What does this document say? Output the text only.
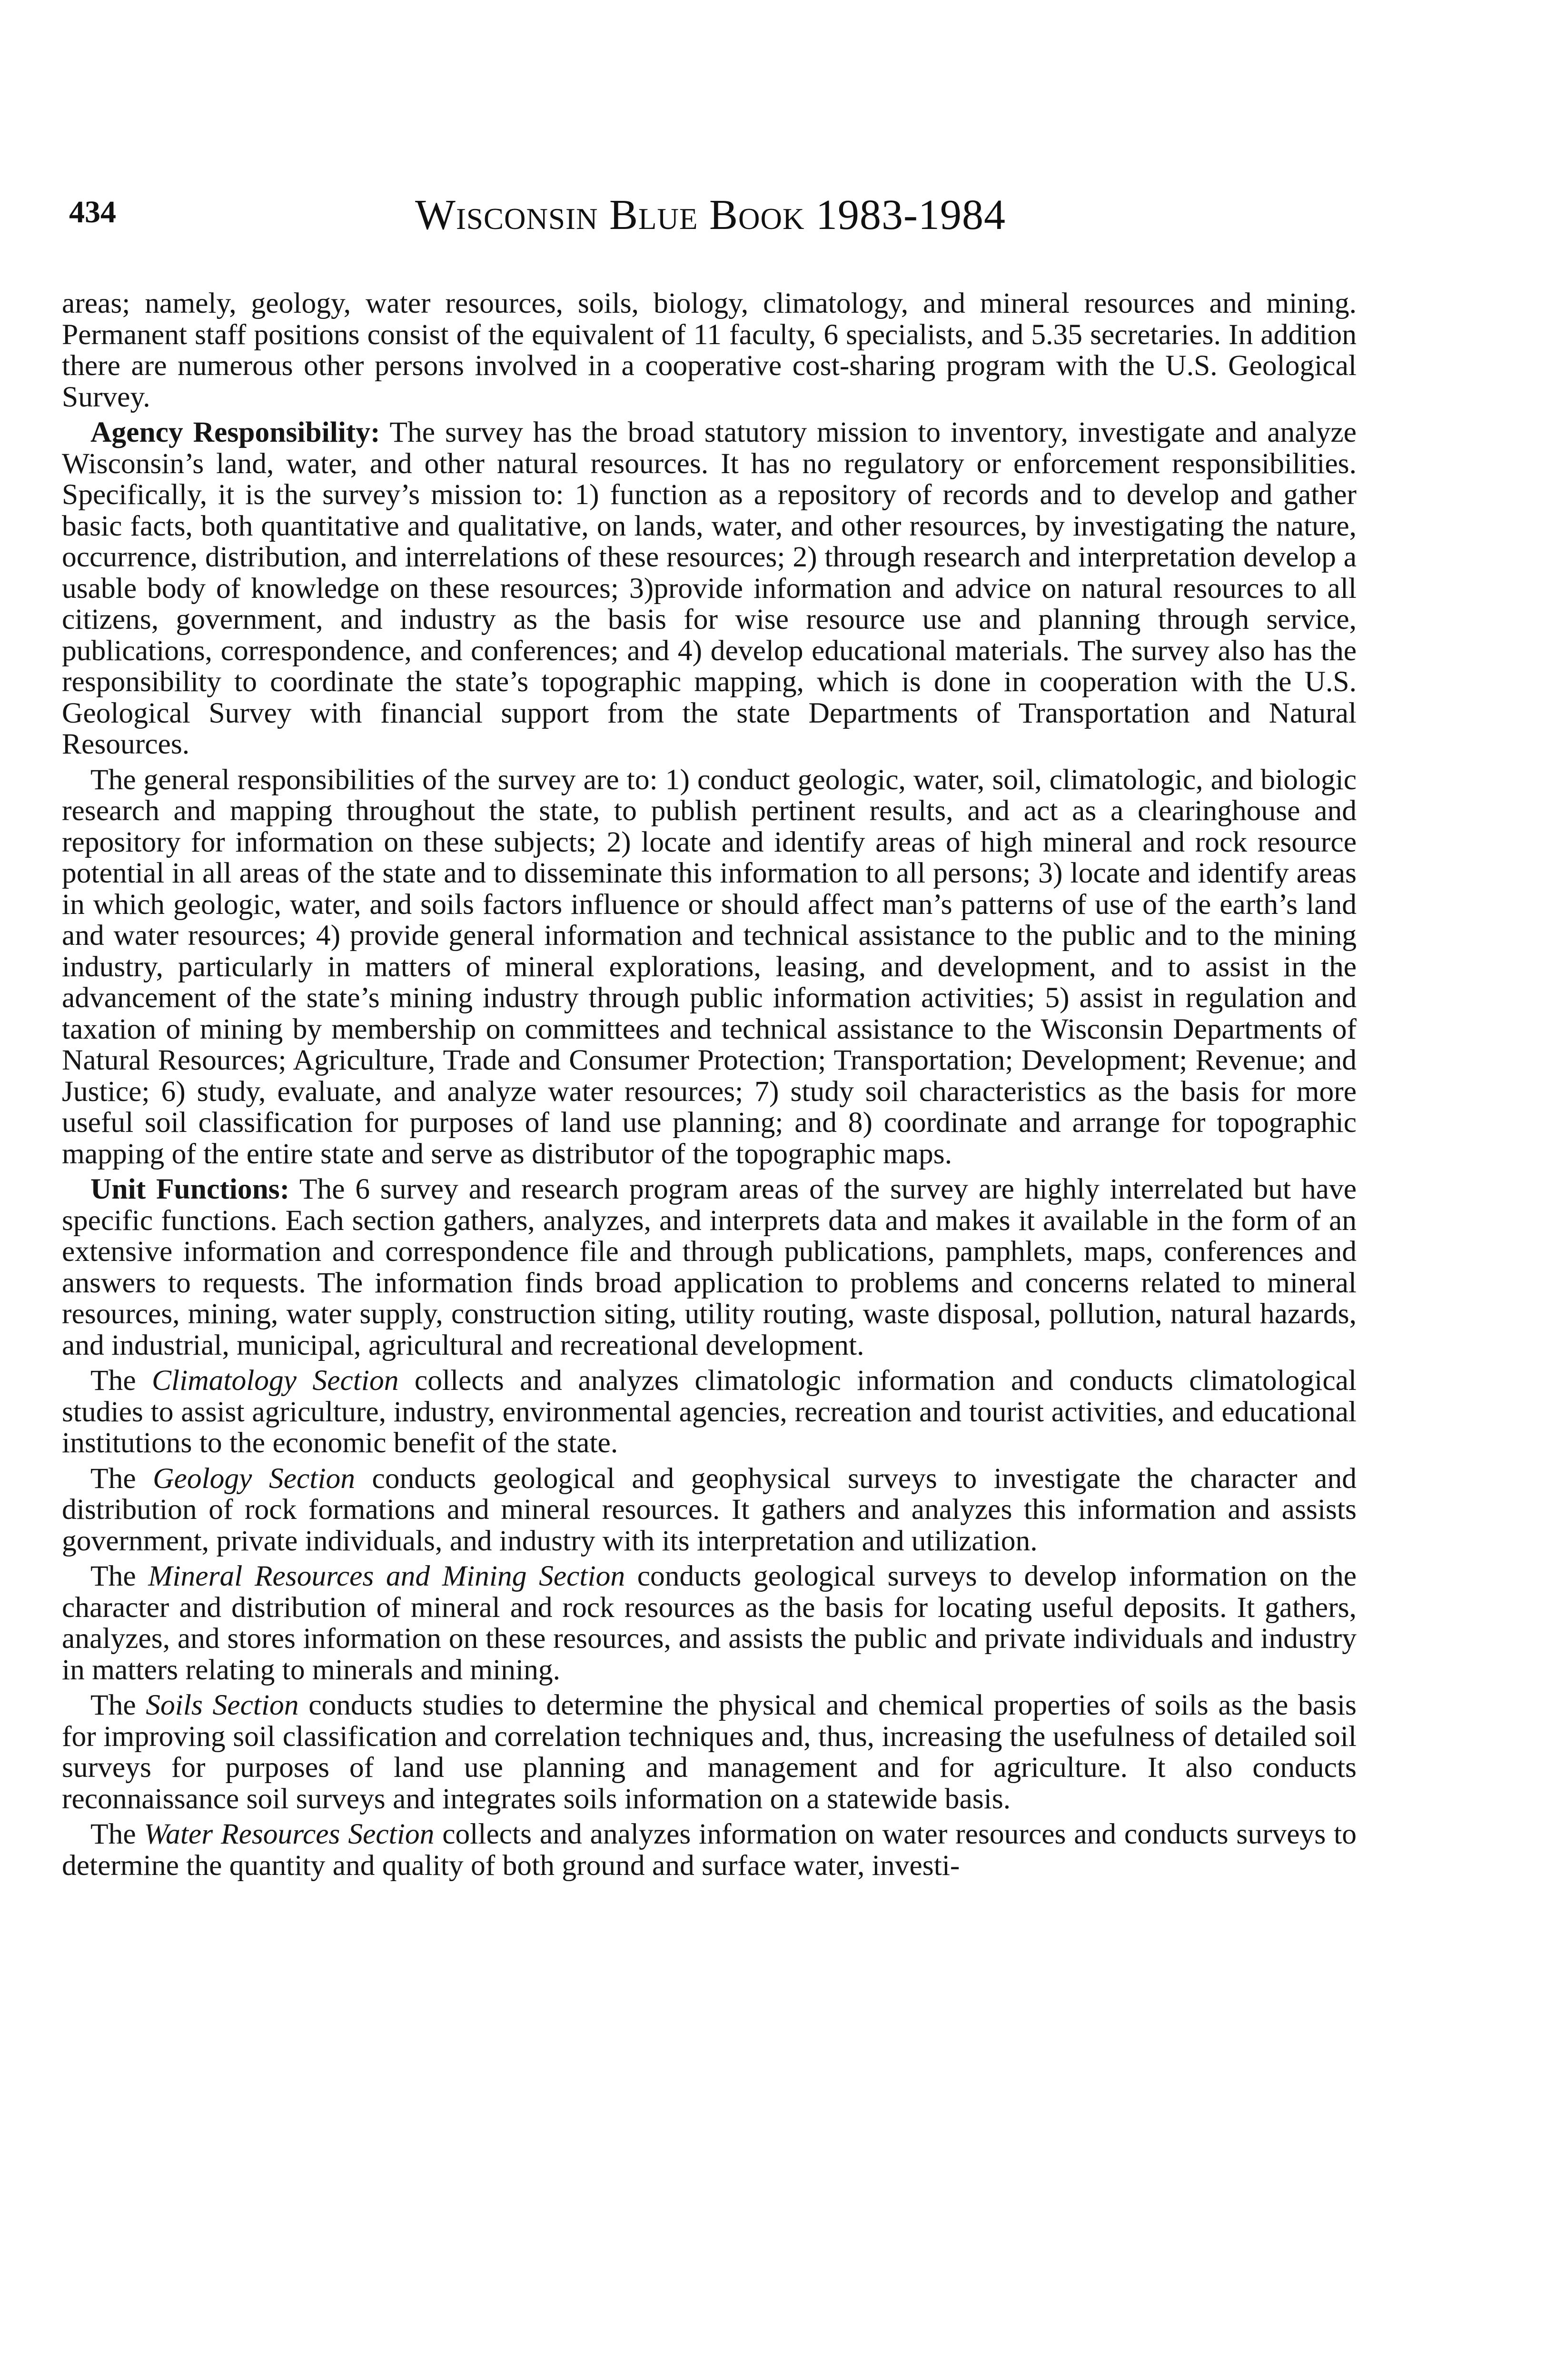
434	Wisconsin Blue Book 1983-1984

areas; namely, geology, water resources, soils, biology, climatology, and mineral resources and mining. Permanent staff positions consist of the equivalent of 11 faculty, 6 specialists, and 5.35 secretaries. In addition there are numerous other persons involved in a cooperative cost-sharing program with the U.S. Geological Survey.

Agency Responsibility: The survey has the broad statutory mission to inventory, investigate and analyze Wisconsin’s land, water, and other natural resources. It has no regulatory or enforcement responsibilities. Specifically, it is the survey’s mission to: 1) function as a repository of records and to develop and gather basic facts, both quantitative and qualitative, on lands, water, and other resources, by investigating the nature, occurrence, distribution, and interrelations of these resources; 2) through research and interpretation develop a usable body of knowledge on these resources; 3)provide information and advice on natural resources to all citizens, government, and industry as the basis for wise resource use and planning through service, publications, correspondence, and conferences; and 4) develop educational materials. The survey also has the responsibility to coordinate the state’s topographic mapping, which is done in cooperation with the U.S. Geological Survey with financial support from the state Departments of Transportation and Natural Resources.

The general responsibilities of the survey are to: 1) conduct geologic, water, soil, climatologic, and biologic research and mapping throughout the state, to publish pertinent results, and act as a clearinghouse and repository for information on these subjects; 2) locate and identify areas of high mineral and rock resource potential in all areas of the state and to disseminate this information to all persons; 3) locate and identify areas in which geologic, water, and soils factors influence or should affect man’s patterns of use of the earth’s land and water resources; 4) provide general information and technical assistance to the public and to the mining industry, particularly in matters of mineral explorations, leasing, and development, and to assist in the advancement of the state’s mining industry through public information activities; 5) assist in regulation and taxation of mining by membership on committees and technical assistance to the Wisconsin Departments of Natural Resources; Agriculture, Trade and Consumer Protection; Transportation; Development; Revenue; and Justice; 6) study, evaluate, and analyze water resources; 7) study soil characteristics as the basis for more useful soil classification for purposes of land use planning; and 8) coordinate and arrange for topographic mapping of the entire state and serve as distributor of the topographic maps.

Unit Functions: The 6 survey and research program areas of the survey are highly interrelated but have specific functions. Each section gathers, analyzes, and interprets data and makes it available in the form of an extensive information and correspondence file and through publications, pamphlets, maps, conferences and answers to requests. The information finds broad application to problems and concerns related to mineral resources, mining, water supply, construction siting, utility routing, waste disposal, pollution, natural hazards, and industrial, municipal, agricultural and recreational development.

The Climatology Section collects and analyzes climatologic information and conducts climatological studies to assist agriculture, industry, environmental agencies, recreation and tourist activities, and educational institutions to the economic benefit of the state.

The Geology Section conducts geological and geophysical surveys to investigate the character and distribution of rock formations and mineral resources. It gathers and analyzes this information and assists government, private individuals, and industry with its interpretation and utilization.

The Mineral Resources and Mining Section conducts geological surveys to develop information on the character and distribution of mineral and rock resources as the basis for locating useful deposits. It gathers, analyzes, and stores information on these resources, and assists the public and private individuals and industry in matters relating to minerals and mining.

The Soils Section conducts studies to determine the physical and chemical properties of soils as the basis for improving soil classification and correlation techniques and, thus, increasing the usefulness of detailed soil surveys for purposes of land use planning and management and for agriculture. It also conducts reconnaissance soil surveys and integrates soils information on a statewide basis.

The Water Resources Section collects and analyzes information on water resources and conducts surveys to determine the quantity and quality of both ground and surface water, investi-
